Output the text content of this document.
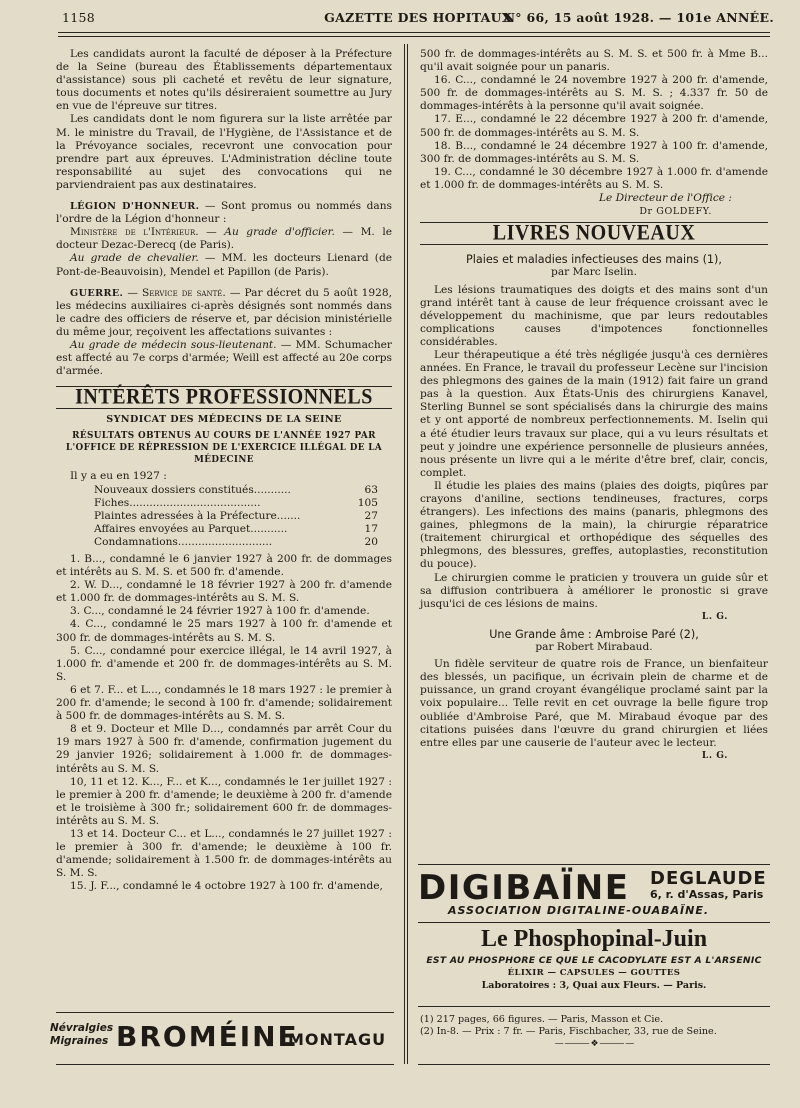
1158	GAZETTE DES HOPITAUX
N° 66, 15 août 1928. — 101e ANNÉE.

Les candidats auront la faculté de déposer à la Préfecture de la Seine (bureau des Établissements départementaux d'assistance) sous pli cacheté et revêtu de leur signature, tous documents et notes qu'ils désireraient soumettre au Jury en vue de l'épreuve sur titres.

Les candidats dont le nom figurera sur la liste arrêtée par M. le ministre du Travail, de l'Hygiène, de l'Assistance et de la Prévoyance sociales, recevront une convocation pour prendre part aux épreuves. L'Administration décline toute responsabilité au sujet des convocations qui ne parviendraient pas aux destinataires.

LÉGION D'HONNEUR. — Sont promus ou nommés dans l'ordre de la Légion d'honneur :

Ministère de l'Intérieur. — Au grade d'officier. — M. le docteur Dezac-Derecq (de Paris).

Au grade de chevalier. — MM. les docteurs Lienard (de Pont-de-Beauvoisin), Mendel et Papillon (de Paris).

GUERRE. — Service de santé. — Par décret du 5 août 1928, les médecins auxiliaires ci-après désignés sont nommés dans le cadre des officiers de réserve et, par décision ministérielle du même jour, reçoivent les affectations suivantes :

Au grade de médecin sous-lieutenant. — MM. Schumacher est affecté au 7e corps d'armée; Weill est affecté au 20e corps d'armée.

INTÉRÊTS PROFESSIONNELS
SYNDICAT DES MÉDECINS DE LA SEINE
RÉSULTATS OBTENUS AU COURS DE L'ANNÉE 1927 PAR L'OFFICE DE RÉPRESSION DE L'EXERCICE ILLÉGAL DE LA MÉDECINE

Il y a eu en 1927 :

Nouveaux dossiers constitués...........	63
Fiches.......................................	105
Plaintes adressées à la Préfecture.......	27
Affaires envoyées au Parquet...........	17
Condamnations............................	20

1. B..., condamné le 6 janvier 1927 à 200 fr. de dommages et intérêts au S. M. S. et 500 fr. d'amende.

2. W. D..., condamné le 18 février 1927 à 200 fr. d'amende et 1.000 fr. de dommages-intérêts au S. M. S.

3. C..., condamné le 24 février 1927 à 100 fr. d'amende.

4. C..., condamné le 25 mars 1927 à 100 fr. d'amende et 300 fr. de dommages-intérêts au S. M. S.

5. C..., condamné pour exercice illégal, le 14 avril 1927, à 1.000 fr. d'amende et 200 fr. de dommages-intérêts au S. M. S.

6 et 7. F... et L..., condamnés le 18 mars 1927 : le premier à 200 fr. d'amende; le second à 100 fr. d'amende; solidairement à 500 fr. de dommages-intérêts au S. M. S.

8 et 9. Docteur et Mlle D..., condamnés par arrêt Cour du 19 mars 1927 à 500 fr. d'amende, confirmation jugement du 29 janvier 1926; solidairement à 1.000 fr. de dommages-intérêts au S. M. S.

10, 11 et 12. K..., F... et K..., condamnés le 1er juillet 1927 : le premier à 200 fr. d'amende; le deuxième à 200 fr. d'amende et le troisième à 300 fr.; solidairement 600 fr. de dommages-intérêts au S. M. S.

13 et 14. Docteur C... et L..., condamnés le 27 juillet 1927 : le premier à 300 fr. d'amende; le deuxième à 100 fr. d'amende; solidairement à 1.500 fr. de dommages-intérêts au S. M. S.

15. J. F..., condamné le 4 octobre 1927 à 100 fr. d'amende,

Névralgies
Migraines BROMÉINE
MONTAGU

500 fr. de dommages-intérêts au S. M. S. et 500 fr. à Mme B... qu'il avait soignée pour un panaris.

16. C..., condamné le 24 novembre 1927 à 200 fr. d'amende, 500 fr. de dommages-intérêts au S. M. S. ; 4.337 fr. 50 de dommages-intérêts à la personne qu'il avait soignée.

17. E..., condamné le 22 décembre 1927 à 200 fr. d'amende, 500 fr. de dommages-intérêts au S. M. S.

18. B..., condamné le 24 décembre 1927 à 100 fr. d'amende, 300 fr. de dommages-intérêts au S. M. S.

19. C..., condamné le 30 décembre 1927 à 1.000 fr. d'amende et 1.000 fr. de dommages-intérêts au S. M. S.

Le Directeur de l'Office :
Dr GOLDEFY.
LIVRES NOUVEAUX
Plaies et maladies infectieuses des mains (1),
par Marc Iselin.

Les lésions traumatiques des doigts et des mains sont d'un grand intérêt tant à cause de leur fréquence croissant avec le développement du machinisme, que par leurs redoutables complications causes d'impotences fonctionnelles considérables.

Leur thérapeutique a été très négligée jusqu'à ces dernières années. En France, le travail du professeur Lecène sur l'incision des phlegmons des gaines de la main (1912) fait faire un grand pas à la question. Aux États-Unis des chirurgiens Kanavel, Sterling Bunnel se sont spécialisés dans la chirurgie des mains et y ont apporté de nombreux perfectionnements. M. Iselin qui a été étudier leurs travaux sur place, qui a vu leurs résultats et peut y joindre une expérience personnelle de plusieurs années, nous présente un livre qui a le mérite d'être bref, clair, concis, complet.

Il étudie les plaies des mains (plaies des doigts, piqûres par crayons d'aniline, sections tendineuses, fractures, corps étrangers). Les infections des mains (panaris, phlegmons des gaines, phlegmons de la main), la chirurgie réparatrice (traitement chirurgical et orthopédique des séquelles des phlegmons, des blessures, greffes, autoplasties, reconstitution du pouce).

Le chirurgien comme le praticien y trouvera un guide sûr et sa diffusion contribuera à améliorer le pronostic si grave jusqu'ici de ces lésions de mains.

L. G.
Une Grande âme : Ambroise Paré (2),
par Robert Mirabaud.

Un fidèle serviteur de quatre rois de France, un bienfaiteur des blessés, un pacifique, un écrivain plein de charme et de puissance, un grand croyant évangélique proclamé saint par la voix populaire... Telle revit en cet ouvrage la belle figure trop oubliée d'Ambroise Paré, que M. Mirabaud évoque par des citations puisées dans l'œuvre du grand chirurgien et liées entre elles par une causerie de l'auteur avec le lecteur.

L. G.
DIGIBAÏNE DEGLAUDE
6, r. d'Assas, Paris
ASSOCIATION DIGITALINE-OUABAÏNE.
Le Phosphopinal-Juin
EST AU PHOSPHORE CE QUE LE CACODYLATE EST A L'ARSENIC
ÉLIXIR — CAPSULES — GOUTTES
Laboratoires : 3, Quai aux Fleurs. — Paris.
(1) 217 pages, 66 figures. — Paris, Masson et Cie.
(2) In-8. — Prix : 7 fr. — Paris, Fischbacher, 33, rue de Seine.
— ——— ❖ ——— —
